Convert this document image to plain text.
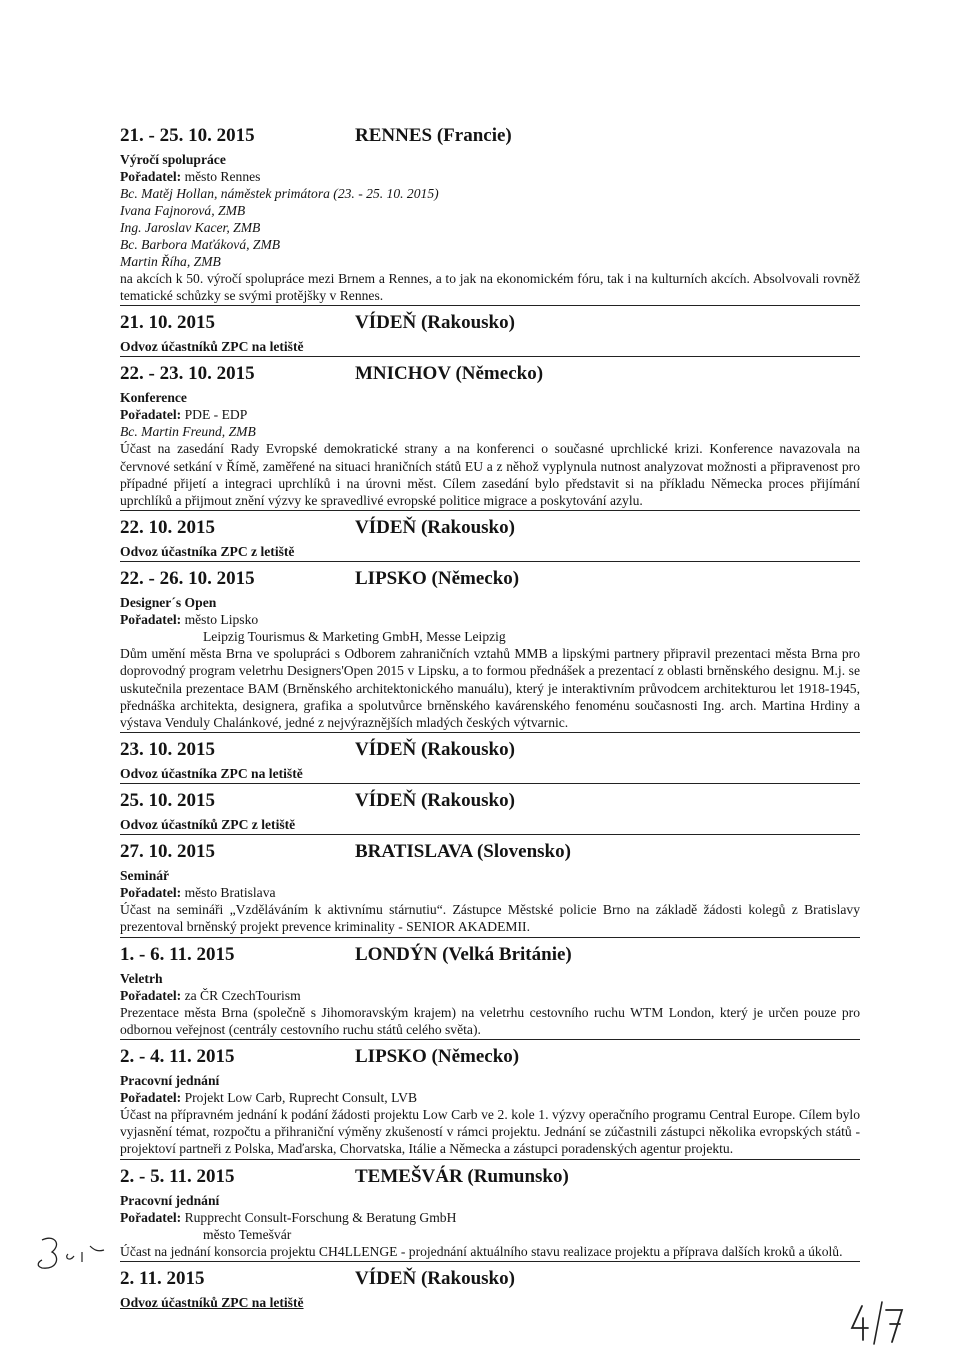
21. - 25. 10. 2015	RENNES (Francie)
Výročí spolupráce
Pořadatel: město Rennes
Bc. Matěj Hollan, náměstek primátora (23. - 25. 10. 2015)
Ivana Fajnorová, ZMB
Ing. Jaroslav Kacer, ZMB
Bc. Barbora Maťáková, ZMB
Martin Říha, ZMB
na akcích k 50. výročí spolupráce mezi Brnem a Rennes, a to jak na ekonomickém fóru, tak i na kulturních akcích. Absolvovali rovněž tematické schůzky se svými protějšky v Rennes.
21. 10. 2015	VÍDEŇ (Rakousko)
Odvoz účastníků ZPC na letiště
22. - 23. 10. 2015	MNICHOV (Německo)
Konference
Pořadatel: PDE - EDP
Bc. Martin Freund, ZMB
Účast na zasedání Rady Evropské demokratické strany a na konferenci o současné uprchlické krizi. Konference navazovala na červnové setkání v Římě, zaměřené na situaci hraničních států EU a z něhož vyplynula nutnost analyzovat možnosti a připravenost pro případné přijetí a integraci uprchlíků i na úrovni měst. Cílem zasedání bylo představit si na příkladu Německa proces přijímání uprchlíků a přijmout znění výzvy ke spravedlivé evropské politice migrace a poskytování azylu.
22. 10. 2015	VÍDEŇ (Rakousko)
Odvoz účastníka ZPC z letiště
22. - 26. 10. 2015	LIPSKO (Německo)
Designer´s Open
Pořadatel: město Lipsko
Leipzig Tourismus & Marketing GmbH, Messe Leipzig
Dům umění města Brna ve spolupráci s Odborem zahraničních vztahů MMB a lipskými partnery připravil prezentaci města Brna pro doprovodný program veletrhu Designers'Open 2015 v Lipsku, a to formou přednášek a prezentací z oblasti brněnského designu. M.j. se uskutečnila prezentace BAM (Brněnského architektonického manuálu), který je interaktivním průvodcem architekturou let 1918-1945, přednáška architekta, designera, grafika a spolutvůrce brněnského kavárenského fenoménu současnosti Ing. arch. Martina Hrdiny a výstava Venduly Chalánkové, jedné z nejvýraznějších mladých českých výtvarnic.
23. 10. 2015	VÍDEŇ (Rakousko)
Odvoz účastníka ZPC na letiště
25. 10. 2015	VÍDEŇ (Rakousko)
Odvoz účastníků ZPC z letiště
27. 10. 2015	BRATISLAVA (Slovensko)
Seminář
Pořadatel: město Bratislava
Účast na semináři „Vzděláváním k aktivnímu stárnutiu“. Zástupce Městské policie Brno na základě žádosti kolegů z Bratislavy prezentoval brněnský projekt prevence kriminality - SENIOR AKADEMII.
1. - 6. 11. 2015	LONDÝN (Velká Británie)
Veletrh
Pořadatel: za ČR CzechTourism
Prezentace města Brna (společně s Jihomoravským krajem) na veletrhu cestovního ruchu WTM London, který je určen pouze pro odbornou veřejnost (centrály cestovního ruchu států celého světa).
2. - 4. 11. 2015	LIPSKO (Německo)
Pracovní jednání
Pořadatel: Projekt Low Carb, Ruprecht Consult, LVB
Účast na přípravném jednání k podání žádosti projektu Low Carb ve 2. kole 1. výzvy operačního programu Central Europe. Cílem bylo vyjasnění témat, rozpočtu a přihraniční výměny zkušeností v rámci projektu. Jednání se zúčastnili zástupci několika evropských států - projektoví partneři z Polska, Maďarska, Chorvatska, Itálie a Německa a zástupci poradenských agentur projektu.
2. - 5. 11. 2015	TEMEŠVÁR (Rumunsko)
Pracovní jednání
Pořadatel: Rupprecht Consult-Forschung & Beratung GmbH
město Temešvár
Účast na jednání konsorcia projektu CH4LLENGE - projednání aktuálního stavu realizace projektu a příprava dalších kroků a úkolů.
2. 11. 2015	VÍDEŇ (Rakousko)
Odvoz účastníků ZPC na letiště
